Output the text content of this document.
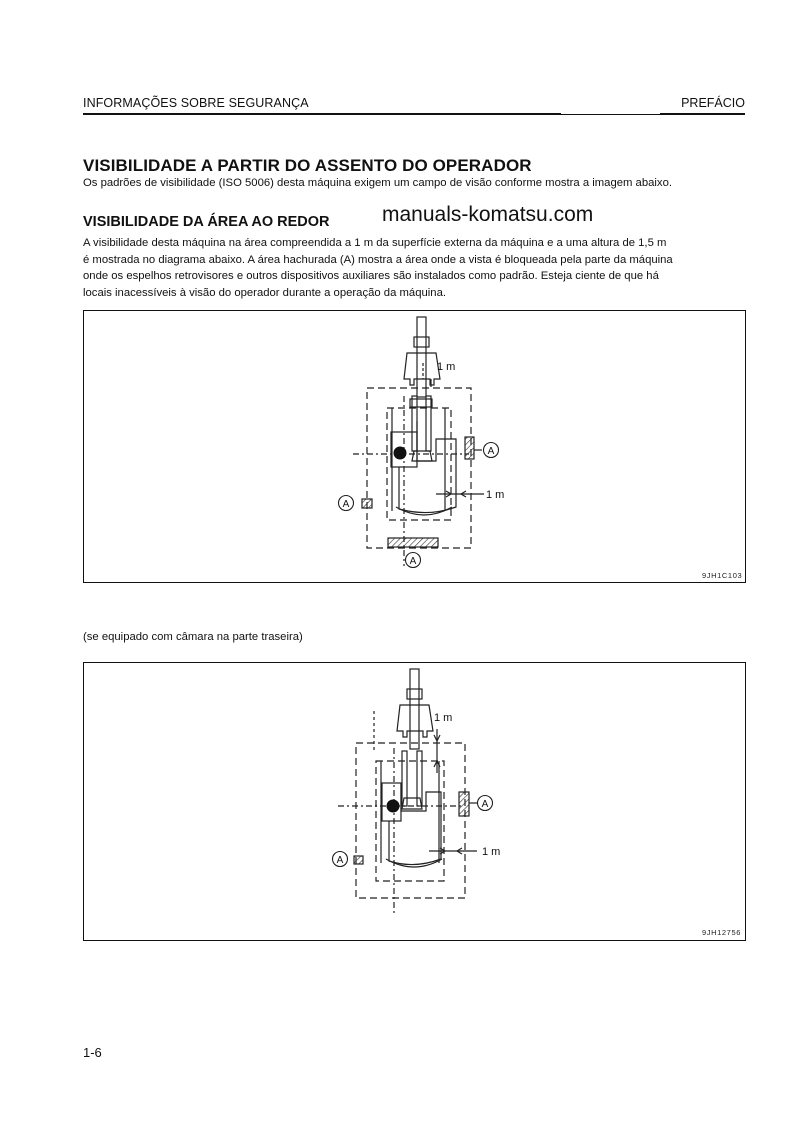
INFORMAÇÕES SOBRE SEGURANÇA	PREFÁCIO
VISIBILIDADE A PARTIR DO ASSENTO DO OPERADOR
Os padrões de visibilidade (ISO 5006) desta máquina exigem um campo de visão conforme mostra a imagem abaixo.
VISIBILIDADE DA ÁREA AO REDOR manuals-komatsu.com
A visibilidade desta máquina na área compreendida a 1 m da superfície externa da máquina e a uma altura de 1,5 m
é mostrada no diagrama abaixo. A área hachurada (A) mostra a área onde a vista é bloqueada pela parte da máquina
onde os espelhos retrovisores e outros dispositivos auxiliares são instalados como padrão. Esteja ciente de que há
locais inacessíveis à visão do operador durante a operação da máquina.
A
A
A
1 m
1 m
9JH1C103
(se equipado com câmara na parte traseira)
A
A
1 m
1 m
9JH12756
1-6
